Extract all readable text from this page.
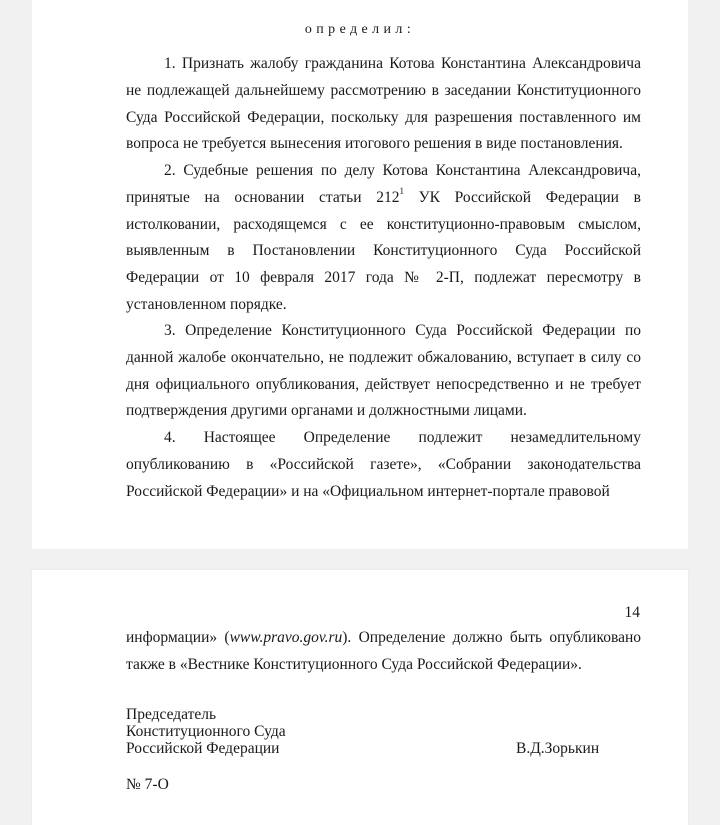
определил:

1. Признать жалобу гражданина Котова Константина Александровича не подлежащей дальнейшему рассмотрению в заседании Конституционного Суда Российской Федерации, поскольку для разрешения поставленного им вопроса не требуется вынесения итогового решения в виде постановления.

2. Судебные решения по делу Котова Константина Александровича, принятые на основании статьи $212^1$ УК Российской Федерации в истолковании, расходящемся с ее конституционно-правовым смыслом, выявленным в Постановлении Конституционного Суда Российской Федерации от 10 февраля 2017 года № 2-П, подлежат пересмотру в установленном порядке.

3. Определение Конституционного Суда Российской Федерации по данной жалобе окончательно, не подлежит обжалованию, вступает в силу со дня официального опубликования, действует непосредственно и не требует подтверждения другими органами и должностными лицами.

4. Настоящее Определение подлежит незамедлительному опубликованию в «Российской газете», «Собрании законодательства Российской Федерации» и на «Официальном интернет-портале правовой

14

информации» (www.pravo.gov.ru). Определение должно быть опубликовано также в «Вестнике Конституционного Суда Российской Федерации».

Председатель
Конституционного Суда
Российской Федерации	В.Д.Зорькин
№ 7-О
